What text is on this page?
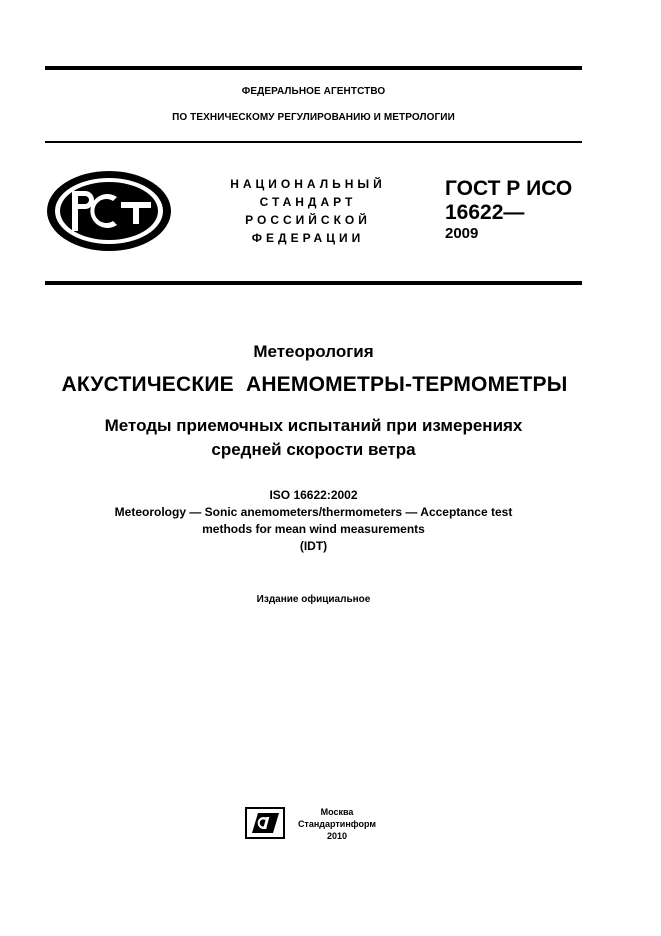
ФЕДЕРАЛЬНОЕ АГЕНТСТВО
ПО ТЕХНИЧЕСКОМУ РЕГУЛИРОВАНИЮ И МЕТРОЛОГИИ
НАЦИОНАЛЬНЫЙ
СТАНДАРТ
РОССИЙСКОЙ
ФЕДЕРАЦИИ
ГОСТ Р ИСО
16622—
2009
Метеорология
АКУСТИЧЕСКИЕ  АНЕМОМЕТРЫ-ТЕРМОМЕТРЫ
Методы приемочных испытаний при измерениях
средней скорости ветра
ISO 16622:2002
Meteorology — Sonic anemometers/thermometers — Acceptance test
methods for mean wind measurements
(IDT)
Издание официальное
Москва
Стандартинформ
2010
